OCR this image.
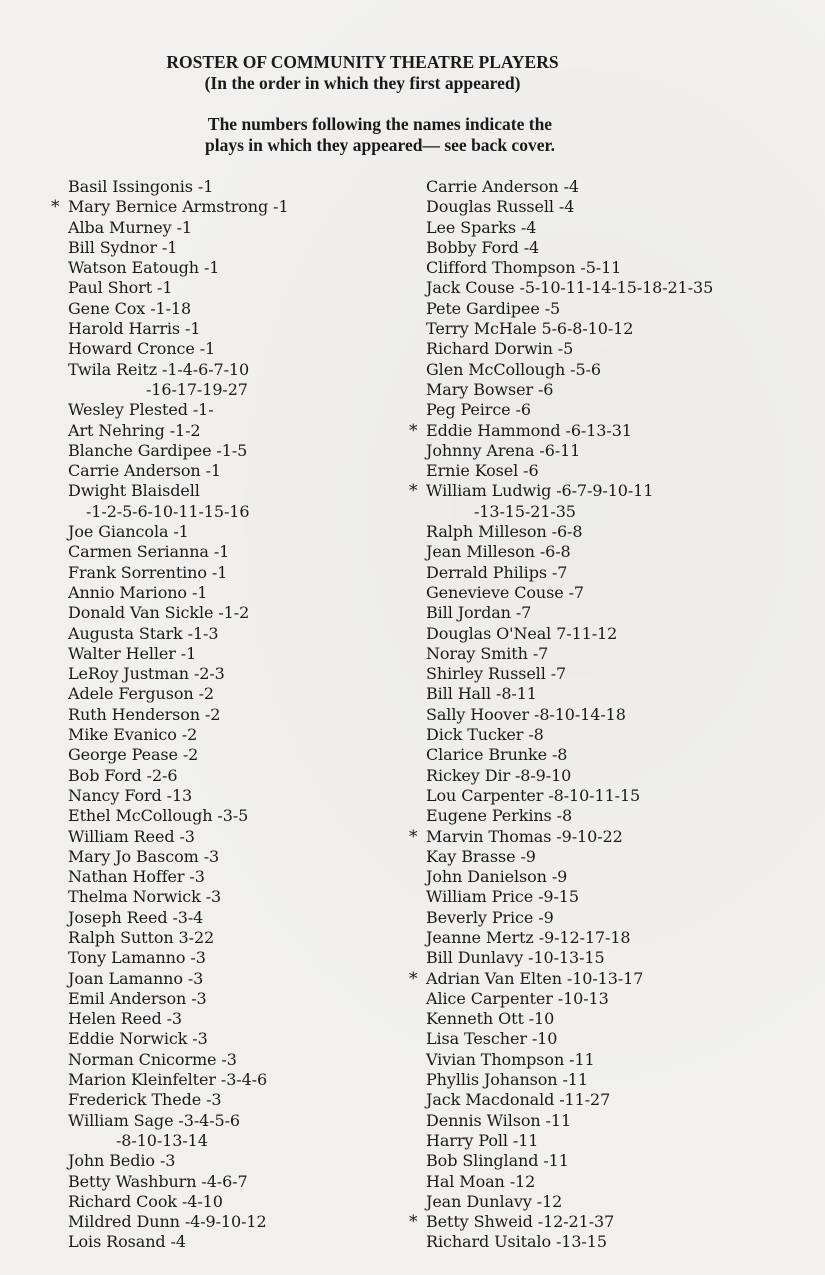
ROSTER OF COMMUNITY THEATRE PLAYERS
(In the order in which they first appeared)
The numbers following the names indicate the
plays in which they appeared— see back cover.
Basil Issingonis -1
* Mary Bernice Armstrong -1
Alba Murney -1
Bill Sydnor -1
Watson Eatough -1
Paul Short -1
Gene Cox -1-18
Harold Harris -1
Howard Cronce -1
Twila Reitz -1-4-6-7-10
-16-17-19-27
Wesley Plested -1-
Art Nehring -1-2
Blanche Gardipee -1-5
Carrie Anderson -1
Dwight Blaisdell
-1-2-5-6-10-11-15-16
Joe Giancola -1
Carmen Serianna -1
Frank Sorrentino -1
Annio Mariono -1
Donald Van Sickle -1-2
Augusta Stark -1-3
Walter Heller -1
LeRoy Justman -2-3
Adele Ferguson -2
Ruth Henderson -2
Mike Evanico -2
George Pease -2
Bob Ford -2-6
Nancy Ford -13
Ethel McCollough -3-5
William Reed -3
Mary Jo Bascom -3
Nathan Hoffer -3
Thelma Norwick -3
Joseph Reed -3-4
Ralph Sutton 3-22
Tony Lamanno -3
Joan Lamanno -3
Emil Anderson -3
Helen Reed -3
Eddie Norwick -3
Norman Cnicorme -3
Marion Kleinfelter -3-4-6
Frederick Thede -3
William Sage -3-4-5-6
-8-10-13-14
John Bedio -3
Betty Washburn -4-6-7
Richard Cook -4-10
Mildred Dunn -4-9-10-12
Lois Rosand -4
Carrie Anderson -4
Douglas Russell -4
Lee Sparks -4
Bobby Ford -4
Clifford Thompson -5-11
Jack Couse -5-10-11-14-15-18-21-35
Pete Gardipee -5
Terry McHale 5-6-8-10-12
Richard Dorwin -5
Glen McCollough -5-6
Mary Bowser -6
Peg Peirce -6
* Eddie Hammond -6-13-31
Johnny Arena -6-11
Ernie Kosel -6
* William Ludwig -6-7-9-10-11
-13-15-21-35
Ralph Milleson -6-8
Jean Milleson -6-8
Derrald Philips -7
Genevieve Couse -7
Bill Jordan -7
Douglas O'Neal 7-11-12
Noray Smith -7
Shirley Russell -7
Bill Hall -8-11
Sally Hoover -8-10-14-18
Dick Tucker -8
Clarice Brunke -8
Rickey Dir -8-9-10
Lou Carpenter -8-10-11-15
Eugene Perkins -8
* Marvin Thomas -9-10-22
Kay Brasse -9
John Danielson -9
William Price -9-15
Beverly Price -9
Jeanne Mertz -9-12-17-18
Bill Dunlavy -10-13-15
* Adrian Van Elten -10-13-17
Alice Carpenter -10-13
Kenneth Ott -10
Lisa Tescher -10
Vivian Thompson -11
Phyllis Johanson -11
Jack Macdonald -11-27
Dennis Wilson -11
Harry Poll -11
Bob Slingland -11
Hal Moan -12
Jean Dunlavy -12
* Betty Shweid -12-21-37
Richard Usitalo -13-15
